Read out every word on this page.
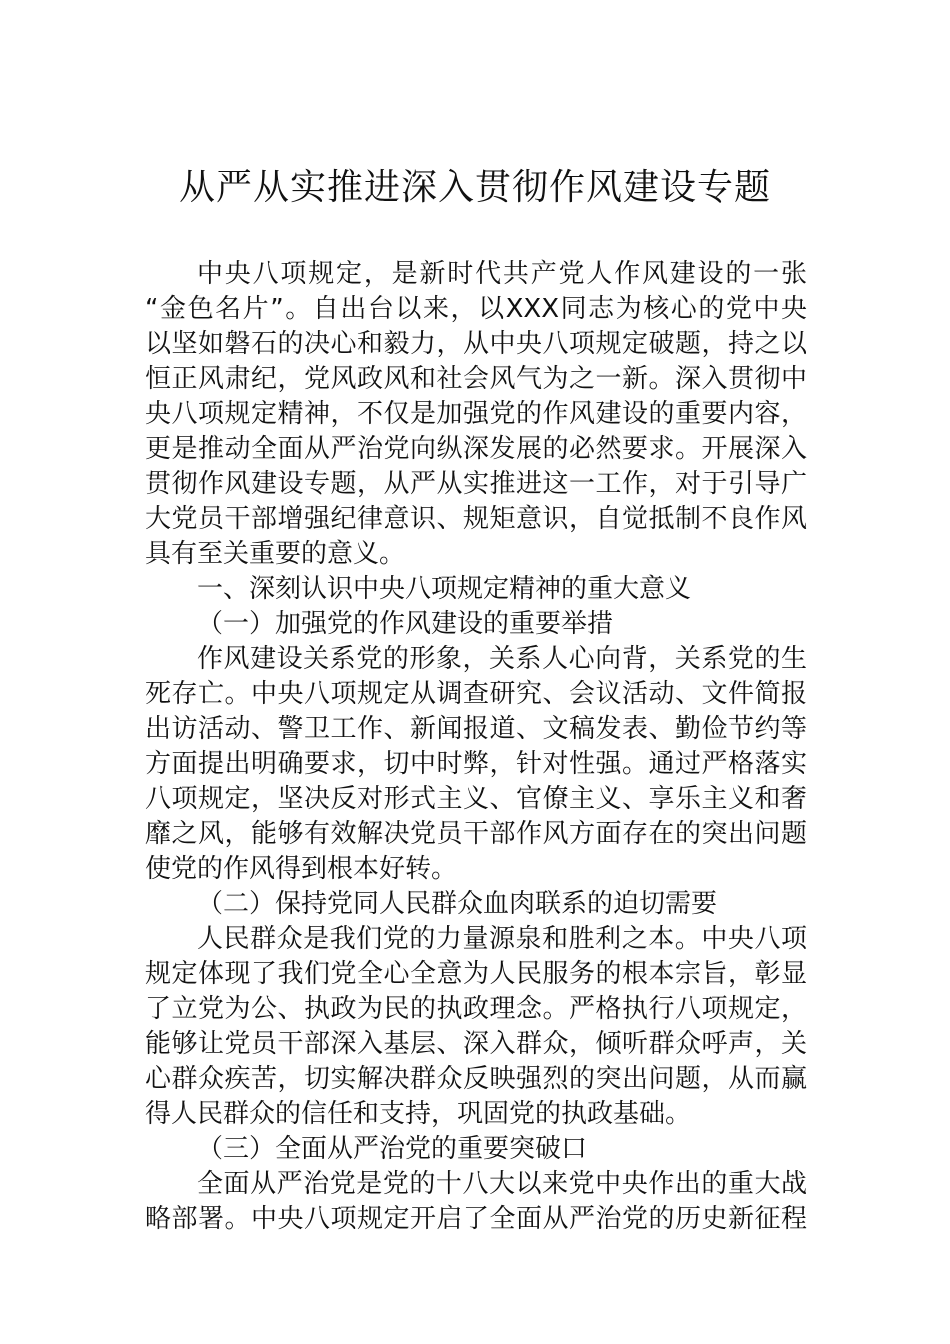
从严从实推进深入贯彻作风建设专题
中央八项规定，是新时代共产党人作风建设的一张
“金色名片”。自出台以来，以XXX同志为核心的党中央
以坚如磐石的决心和毅力，从中央八项规定破题，持之以
恒正风肃纪，党风政风和社会风气为之一新。深入贯彻中
央八项规定精神，不仅是加强党的作风建设的重要内容，
更是推动全面从严治党向纵深发展的必然要求。开展深入
贯彻作风建设专题，从严从实推进这一工作，对于引导广
大党员干部增强纪律意识、规矩意识，自觉抵制不良作风
具有至关重要的意义。
一、深刻认识中央八项规定精神的重大意义
（一）加强党的作风建设的重要举措
作风建设关系党的形象，关系人心向背，关系党的生
死存亡。中央八项规定从调查研究、会议活动、文件简报
出访活动、警卫工作、新闻报道、文稿发表、勤俭节约等
方面提出明确要求，切中时弊，针对性强。通过严格落实
八项规定，坚决反对形式主义、官僚主义、享乐主义和奢
靡之风，能够有效解决党员干部作风方面存在的突出问题
使党的作风得到根本好转。
（二）保持党同人民群众血肉联系的迫切需要
人民群众是我们党的力量源泉和胜利之本。中央八项
规定体现了我们党全心全意为人民服务的根本宗旨，彰显
了立党为公、执政为民的执政理念。严格执行八项规定，
能够让党员干部深入基层、深入群众，倾听群众呼声，关
心群众疾苦，切实解决群众反映强烈的突出问题，从而赢
得人民群众的信任和支持，巩固党的执政基础。
（三）全面从严治党的重要突破口
全面从严治党是党的十八大以来党中央作出的重大战
略部署。中央八项规定开启了全面从严治党的历史新征程
